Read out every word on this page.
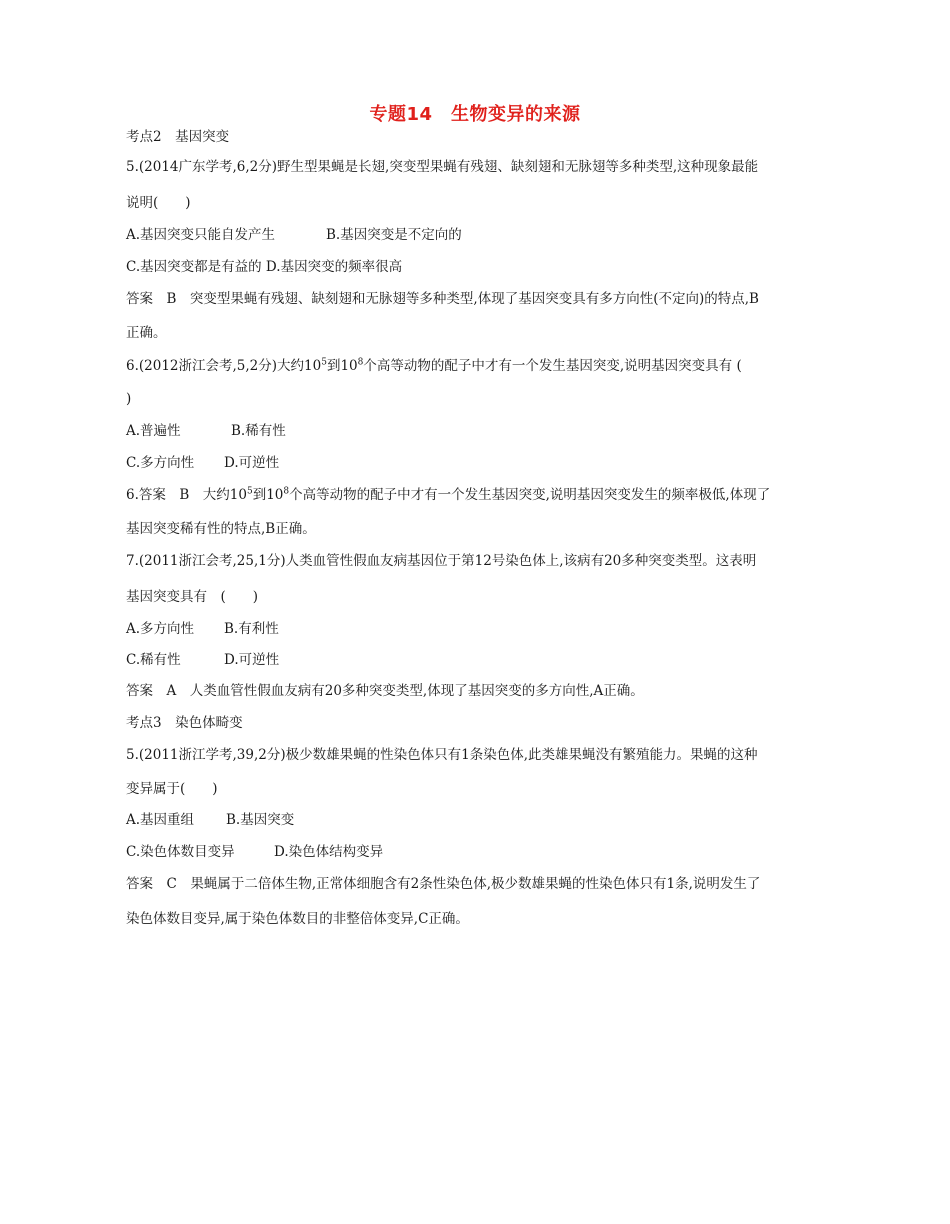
专题14　生物变异的来源
考点2　基因突变
5.(2014广东学考,6,2分)野生型果蝇是长翅,突变型果蝇有残翅、缺刻翅和无脉翅等多种类型,这种现象最能
说明(　　)
A.基因突变只能自发产生	B.基因突变是不定向的
C.基因突变都是有益的 D.基因突变的频率很高
答案　B　突变型果蝇有残翅、缺刻翅和无脉翅等多种类型,体现了基因突变具有多方向性(不定向)的特点,B
正确。
6.(2012浙江会考,5,2分)大约$10^5$到$10^8$个高等动物的配子中才有一个发生基因突变,说明基因突变具有 (
)
A.普遍性	B.稀有性
C.多方向性 D.可逆性
6.答案　B　大约$10^5$到$10^8$个高等动物的配子中才有一个发生基因突变,说明基因突变发生的频率极低,体现了
基因突变稀有性的特点,B正确。
7.(2011浙江会考,25,1分)人类血管性假血友病基因位于第12号染色体上,该病有20多种突变类型。这表明
基因突变具有　(　　)
A.多方向性 B.有利性
C.稀有性	D.可逆性
答案　A　人类血管性假血友病有20多种突变类型,体现了基因突变的多方向性,A正确。
考点3　染色体畸变
5.(2011浙江学考,39,2分)极少数雄果蝇的性染色体只有1条染色体,此类雄果蝇没有繁殖能力。果蝇的这种
变异属于(　　)
A.基因重组 B.基因突变
C.染色体数目变异	D.染色体结构变异
答案　C　果蝇属于二倍体生物,正常体细胞含有2条性染色体,极少数雄果蝇的性染色体只有1条,说明发生了
染色体数目变异,属于染色体数目的非整倍体变异,C正确。
